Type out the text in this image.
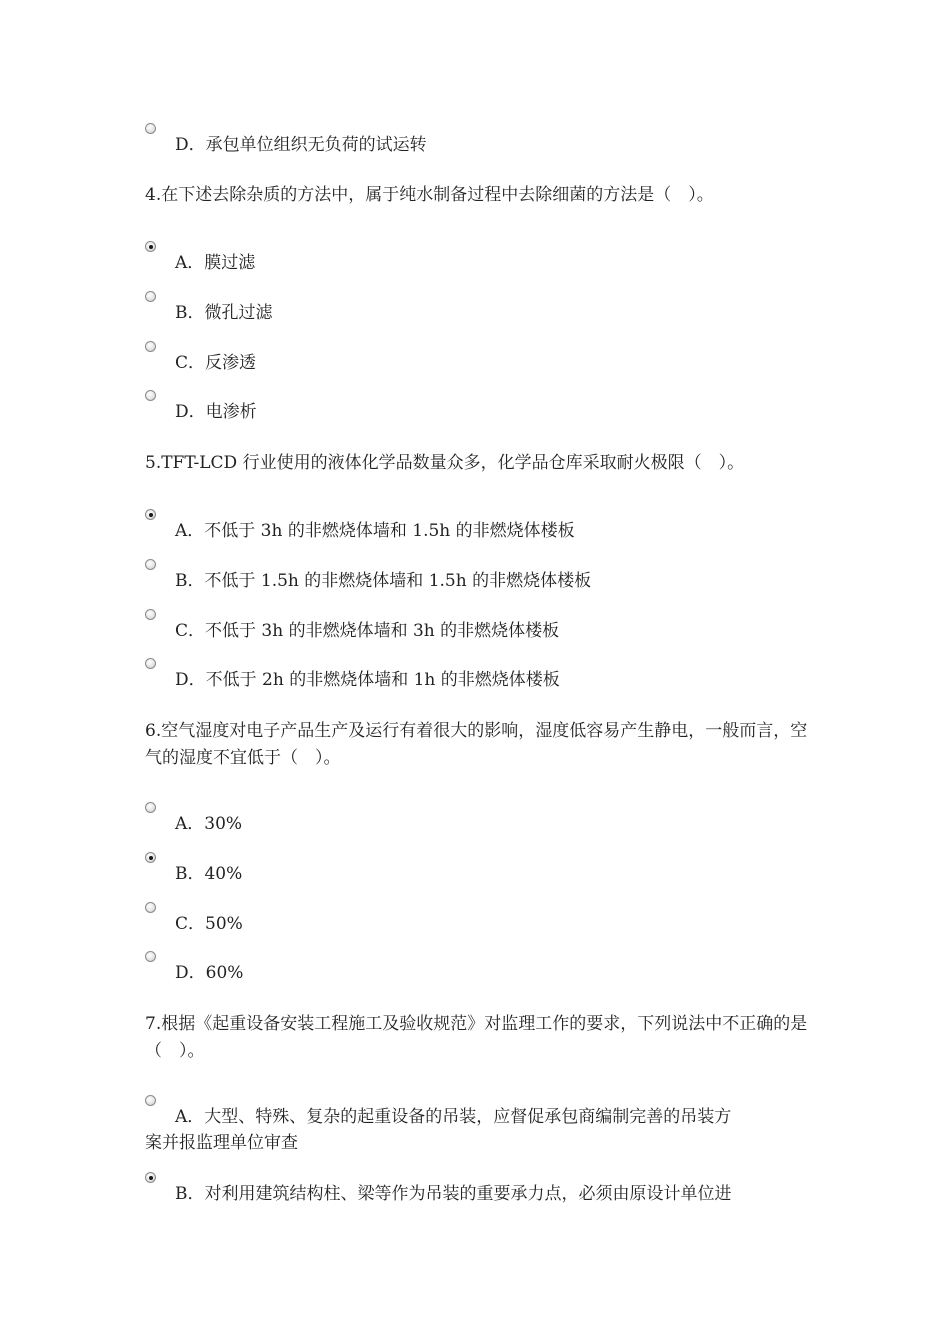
D．承包单位组织无负荷的试运转

4.在下述去除杂质的方法中，属于纯水制备过程中去除细菌的方法是（　）。

A．膜过滤
B．微孔过滤
C．反渗透
D．电渗析

5.TFT-LCD 行业使用的液体化学品数量众多，化学品仓库采取耐火极限（　）。

A．不低于 3h 的非燃烧体墙和 1.5h 的非燃烧体楼板
B．不低于 1.5h 的非燃烧体墙和 1.5h 的非燃烧体楼板
C．不低于 3h 的非燃烧体墙和 3h 的非燃烧体楼板
D．不低于 2h 的非燃烧体墙和 1h 的非燃烧体楼板

6.空气湿度对电子产品生产及运行有着很大的影响，湿度低容易产生静电，一般而言，空气的湿度不宜低于（　）。

A．30%
B．40%
C．50%
D．60%

7.根据《起重设备安装工程施工及验收规范》对监理工作的要求，下列说法中不正确的是（　）。

A．大型、特殊、复杂的起重设备的吊装，应督促承包商编制完善的吊装方
案并报监理单位审查
B．对利用建筑结构柱、梁等作为吊装的重要承力点，必须由原设计单位进
